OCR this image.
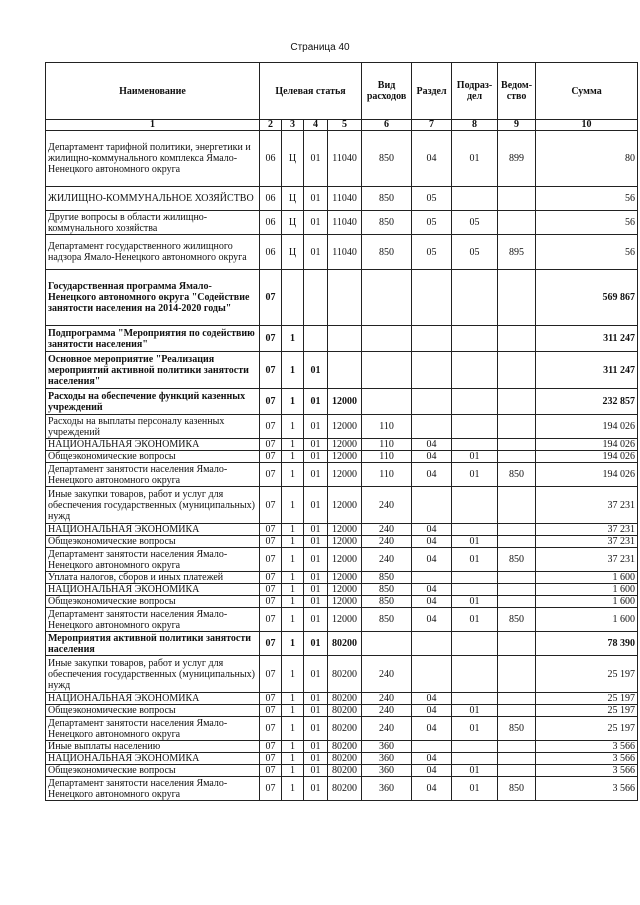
Страница 40
Наименование	Целевая статья				Вид расходов	Раздел	Подраз-дел	Ведом-ство	Сумма
1	2	3	4	5	6	7	8	9	10
Департамент тарифной политики, энергетики и жилищно-коммунального комплекса Ямало-Ненецкого автономного округа	06	Ц	01	11040	850	04	01	899	80
ЖИЛИЩНО-КОММУНАЛЬНОЕ ХОЗЯЙСТВО	06	Ц	01	11040	850	05			56
Другие вопросы в области жилищно-коммунального хозяйства	06	Ц	01	11040	850	05	05		56
Департамент государственного жилищного надзора Ямало-Ненецкого автономного округа	06	Ц	01	11040	850	05	05	895	56
Государственная программа Ямало-Ненецкого автономного округа "Содействие занятости населения на 2014-2020 годы"	07								569 867
Подпрограмма "Мероприятия по содействию занятости населения"	07	1							311 247
Основное мероприятие "Реализация мероприятий активной политики занятости населения"	07	1	01						311 247
Расходы на обеспечение функций казенных учреждений	07	1	01	12000					232 857
Расходы на выплаты персоналу казенных учреждений	07	1	01	12000	110				194 026
НАЦИОНАЛЬНАЯ ЭКОНОМИКА	07	1	01	12000	110	04			194 026
Общеэкономические вопросы	07	1	01	12000	110	04	01		194 026
Департамент занятости населения Ямало-Ненецкого автономного округа	07	1	01	12000	110	04	01	850	194 026
Иные закупки товаров, работ и услуг для обеспечения государственных (муниципальных) нужд	07	1	01	12000	240				37 231
НАЦИОНАЛЬНАЯ ЭКОНОМИКА	07	1	01	12000	240	04			37 231
Общеэкономические вопросы	07	1	01	12000	240	04	01		37 231
Департамент занятости населения Ямало-Ненецкого автономного округа	07	1	01	12000	240	04	01	850	37 231
Уплата налогов, сборов и иных платежей	07	1	01	12000	850				1 600
НАЦИОНАЛЬНАЯ ЭКОНОМИКА	07	1	01	12000	850	04			1 600
Общеэкономические вопросы	07	1	01	12000	850	04	01		1 600
Департамент занятости населения Ямало-Ненецкого автономного округа	07	1	01	12000	850	04	01	850	1 600
Мероприятия активной политики занятости населения	07	1	01	80200					78 390
Иные закупки товаров, работ и услуг для обеспечения государственных (муниципальных) нужд	07	1	01	80200	240				25 197
НАЦИОНАЛЬНАЯ ЭКОНОМИКА	07	1	01	80200	240	04			25 197
Общеэкономические вопросы	07	1	01	80200	240	04	01		25 197
Департамент занятости населения Ямало-Ненецкого автономного округа	07	1	01	80200	240	04	01	850	25 197
Иные выплаты населению	07	1	01	80200	360				3 566
НАЦИОНАЛЬНАЯ ЭКОНОМИКА	07	1	01	80200	360	04			3 566
Общеэкономические вопросы	07	1	01	80200	360	04	01		3 566
Департамент занятости населения Ямало-Ненецкого автономного округа	07	1	01	80200	360	04	01	850	3 566
